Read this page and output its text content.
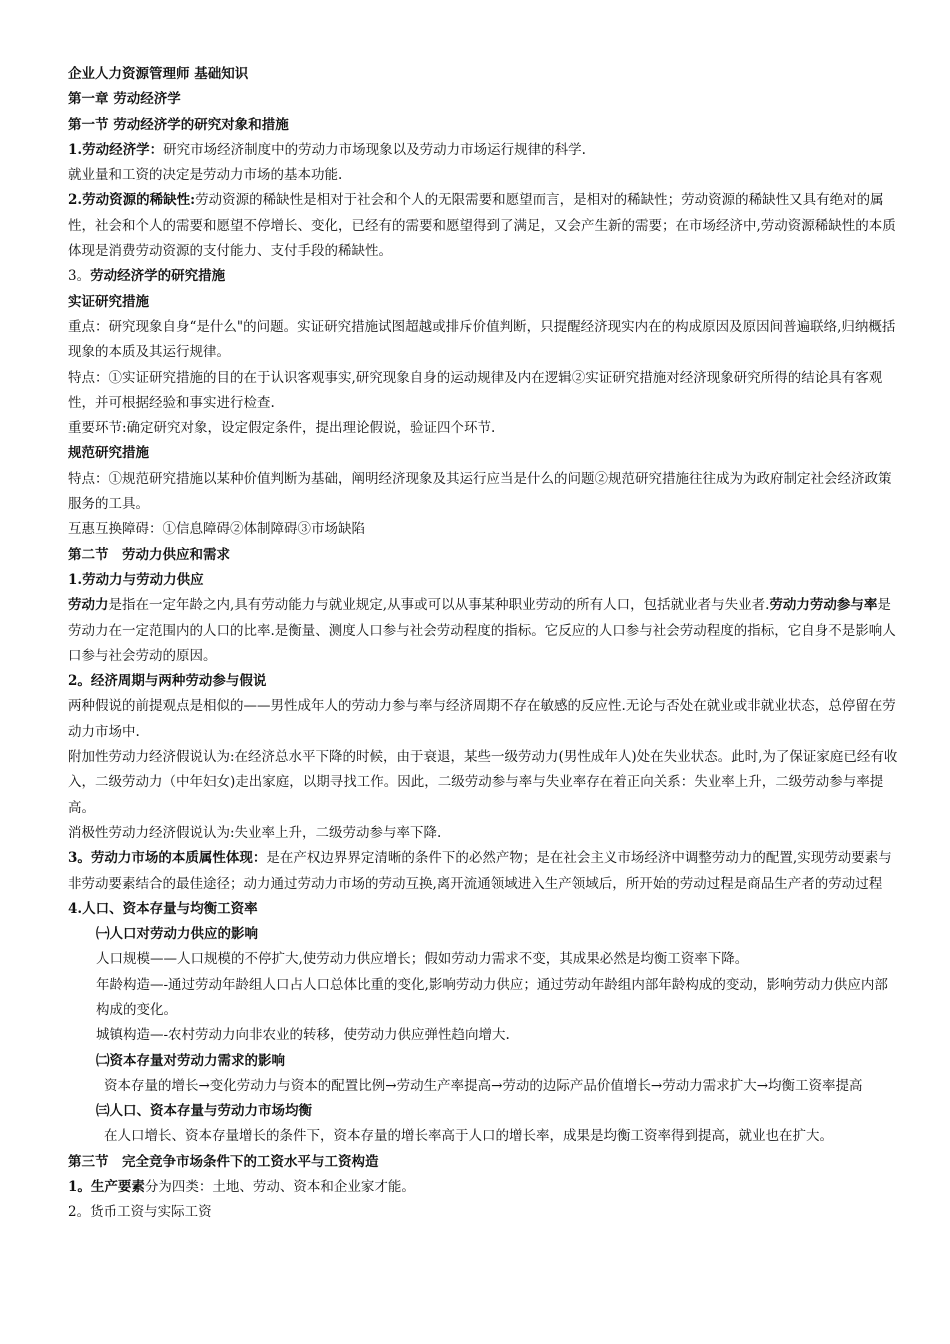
企业人力资源管理师 基础知识

第一章 劳动经济学

第一节 劳动经济学的研究对象和措施

1.劳动经济学：研究市场经济制度中的劳动力市场现象以及劳动力市场运行规律的科学.

就业量和工资的决定是劳动力市场的基本功能.

2.劳动资源的稀缺性:劳动资源的稀缺性是相对于社会和个人的无限需要和愿望而言，是相对的稀缺性；劳动资源的稀缺性又具有绝对的属性，社会和个人的需要和愿望不停增长、变化，已经有的需要和愿望得到了满足，又会产生新的需要；在市场经济中,劳动资源稀缺性的本质体现是消费劳动资源的支付能力、支付手段的稀缺性。

3。劳动经济学的研究措施

实证研究措施

重点：研究现象自身“是什么"的问题。实证研究措施试图超越或排斥价值判断，只提醒经济现实内在的构成原因及原因间普遍联络,归纳概括现象的本质及其运行规律。

特点：①实证研究措施的目的在于认识客观事实,研究现象自身的运动规律及内在逻辑②实证研究措施对经济现象研究所得的结论具有客观性，并可根据经验和事实进行检查.

重要环节:确定研究对象，设定假定条件，提出理论假说，验证四个环节.

规范研究措施

特点：①规范研究措施以某种价值判断为基础，阐明经济现象及其运行应当是什么的问题②规范研究措施往往成为为政府制定社会经济政策服务的工具。

互惠互换障碍：①信息障碍②体制障碍③市场缺陷

第二节　劳动力供应和需求

1.劳动力与劳动力供应

劳动力是指在一定年龄之内,具有劳动能力与就业规定,从事或可以从事某种职业劳动的所有人口，包括就业者与失业者.劳动力劳动参与率是劳动力在一定范围内的人口的比率.是衡量、测度人口参与社会劳动程度的指标。它反应的人口参与社会劳动程度的指标，它自身不是影响人口参与社会劳动的原因。

2。经济周期与两种劳动参与假说

两种假说的前提观点是相似的——男性成年人的劳动力参与率与经济周期不存在敏感的反应性.无论与否处在就业或非就业状态，总停留在劳动力市场中.

附加性劳动力经济假说认为:在经济总水平下降的时候，由于衰退，某些一级劳动力(男性成年人)处在失业状态。此时,为了保证家庭已经有收入，二级劳动力（中年妇女)走出家庭，以期寻找工作。因此，二级劳动参与率与失业率存在着正向关系：失业率上升，二级劳动参与率提高。

消极性劳动力经济假说认为:失业率上升，二级劳动参与率下降.

3。劳动力市场的本质属性体现：是在产权边界界定清晰的条件下的必然产物；是在社会主义市场经济中调整劳动力的配置,实现劳动要素与非劳动要素结合的最佳途径；动力通过劳动力市场的劳动互换,离开流通领域进入生产领域后，所开始的劳动过程是商品生产者的劳动过程

4.人口、资本存量与均衡工资率

㈠人口对劳动力供应的影响

人口规模——人口规模的不停扩大,使劳动力供应增长；假如劳动力需求不变，其成果必然是均衡工资率下降。

年龄构造—-通过劳动年龄组人口占人口总体比重的变化,影响劳动力供应；通过劳动年龄组内部年龄构成的变动，影响劳动力供应内部构成的变化。

城镇构造—-农村劳动力向非农业的转移，使劳动力供应弹性趋向增大.

㈡资本存量对劳动力需求的影响

资本存量的增长→变化劳动力与资本的配置比例→劳动生产率提高→劳动的边际产品价值增长→劳动力需求扩大→均衡工资率提高

㈢人口、资本存量与劳动力市场均衡

在人口增长、资本存量增长的条件下，资本存量的增长率高于人口的增长率，成果是均衡工资率得到提高，就业也在扩大。

第三节　完全竞争市场条件下的工资水平与工资构造

1。生产要素分为四类：土地、劳动、资本和企业家才能。

2。货币工资与实际工资
